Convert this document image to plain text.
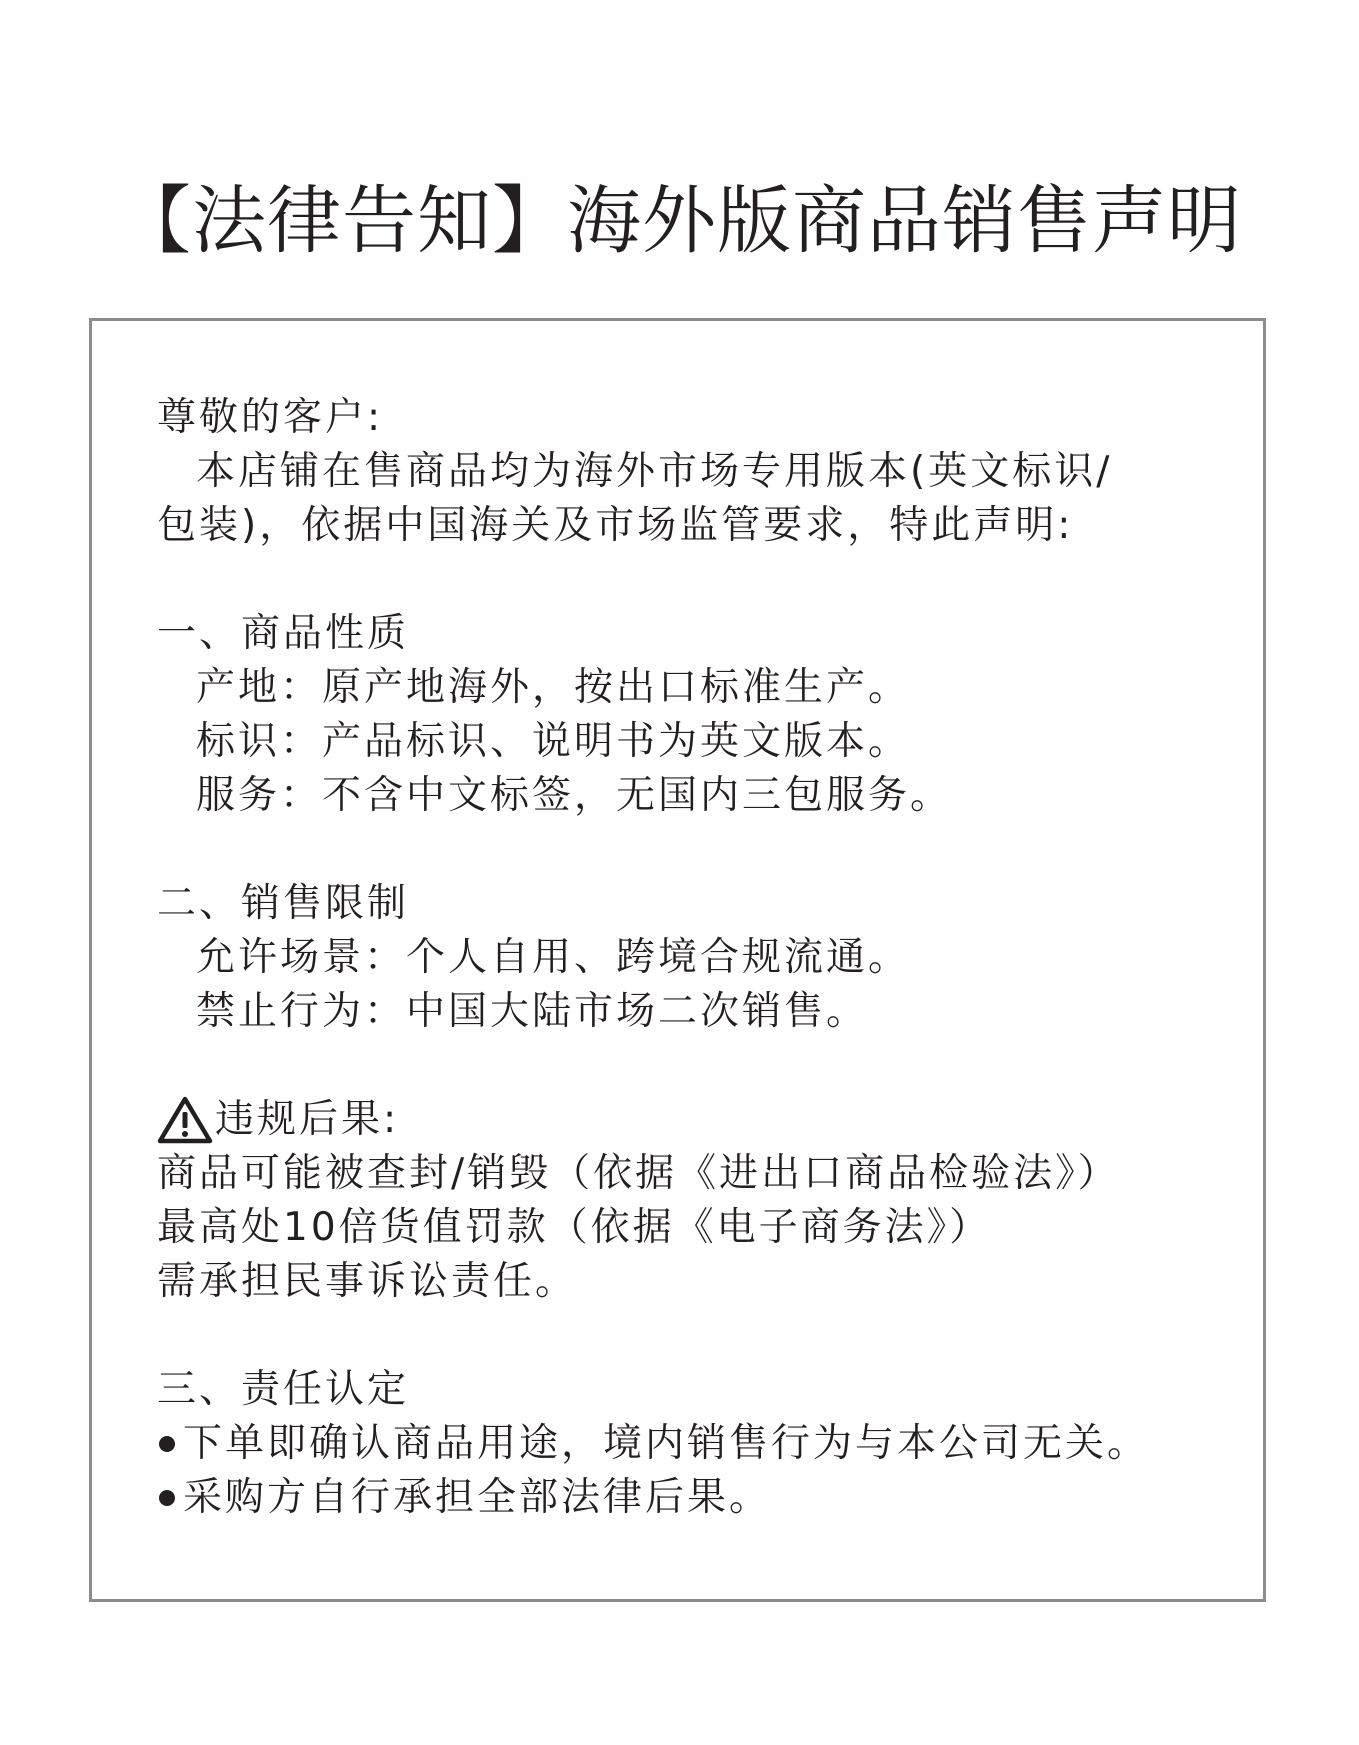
【法律告知】海外版商品销售声明
尊敬的客户:
本店铺在售商品均为海外市场专用版本(英文标识/
包装)，依据中国海关及市场监管要求，特此声明:
一、商品性质
产地：原产地海外，按出口标准生产。
标识：产品标识、说明书为英文版本。
服务：不含中文标签，无国内三包服务。
二、销售限制
允许场景：个人自用、跨境合规流通。
禁止行为：中国大陆市场二次销售。
违规后果:
商品可能被查封/销毁（依据《进出口商品检验法》）
最高处10倍货值罚款（依据《电子商务法》）
需承担民事诉讼责任。
三、责任认定
下单即确认商品用途，境内销售行为与本公司无关。
采购方自行承担全部法律后果。
